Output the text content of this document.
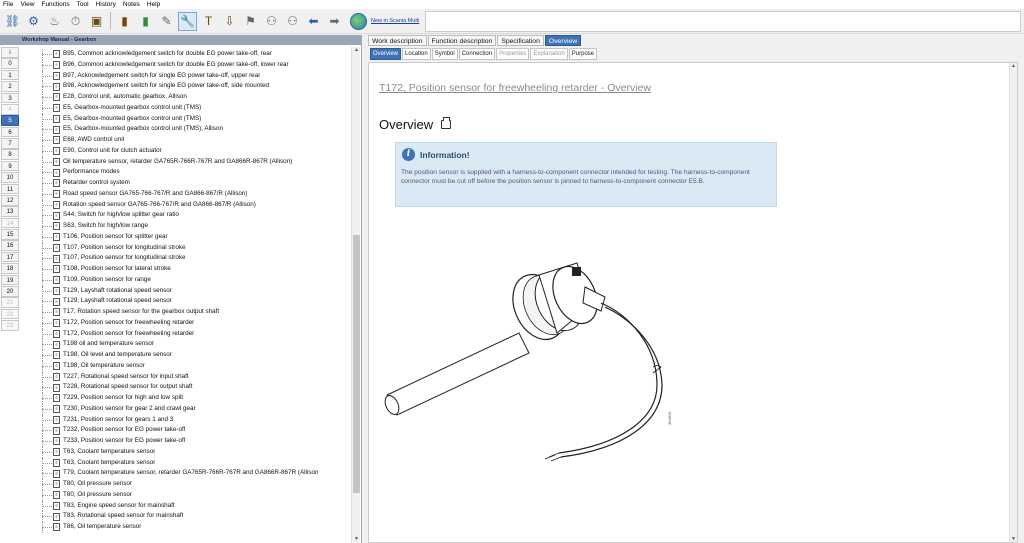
File View Functions Tool History Notes Help
⛓ ⚙ ♨ ⏱ ▣	▮	▮	✎ 🔧 T	⇩ ⚑ ⚇ ⚇ ⬅ ➡	New in Scania Multi
Workshop Manual - Gearbox
i
0
1
2
3
4
5
6
7
8
9
10
11
12
13
14
15
16
17
18
19
20
21
22
23
≡ B95, Common acknowledgement switch for double EG power take-off, rear
≡ B96, Common acknowledgement switch for double EG power take-off, lower rear
≡ B97, Acknowledgement switch for single EG power take-off, upper rear
≡ B98, Acknowledgement switch for single EG power take-off, side mounted
≡ E28, Control unit, automatic gearbox, Allison
≡ E5, Gearbox-mounted gearbox control unit (TMS)
≡ E5, Gearbox-mounted gearbox control unit (TMS)
≡ E5, Gearbox-mounted gearbox control unit (TMS), Allison
≡ E68, AWD control unit
≡ E90, Control unit for clutch actuator
≡ Oil temperature sensor, retarder GA765R-766R-767R and GA866R-867R (Allison)
≡ Performance modes
≡ Retarder control system
≡ Road speed sensor GA765-766-767/R and GA866-867/R (Allison)
≡ Rotation speed sensor GA765-766-767/R and GA866-867/R (Allison)
≡ S44, Switch for high/low splitter gear ratio
≡ S63, Switch for high/low range
≡ T106, Position sensor for splitter gear
≡ T107, Position sensor for longitudinal stroke
≡ T107, Position sensor for longitudinal stroke
≡ T108, Position sensor for lateral stroke
≡ T109, Position sensor for range
≡ T129, Layshaft rotational speed sensor
≡ T129, Layshaft rotational speed sensor
≡ T17, Rotation speed sensor for the gearbox output shaft
≡ T172, Position sensor for freewheeling retarder
≡ T172, Position sensor for freewheeling retarder
≡ T198 oil and temperature sensor
≡ T198, Oil level and temperature sensor
≡ T198, Oil temperature sensor
≡ T227, Rotational speed sensor for input shaft
≡ T228, Rotational speed sensor for output shaft
≡ T229, Position sensor for high and low split
≡ T230, Position sensor for gear 2 and crawl gear
≡ T231, Position sensor for gears 1 and 3
≡ T232, Position sensor for EG power take-off
≡ T233, Position sensor for EG power take-off
≡ T63, Coolant temperature sensor
≡ T63, Coolant temperature sensor
≡ T79, Coolant temperature sensor, retarder GA765R-766R-767R and GA866R-867R (Allison
≡ T80, Oil pressure sensor
≡ T80, Oil pressure sensor
≡ T83, Engine speed sensor for mainshaft
≡ T83, Rotational speed sensor for mainshaft
≡ T86, Oil temperature sensor
▲
▼
Work description	Function description	Specification	Overview
Overview	Location	Symbol	Connection	Properties	Explanation	Purpose
T172, Position sensor for freewheeling retarder - Overview
Overview
i	Information!
The position sensor is supplied with a harness-to-component connector intended for testing. The harness-to-component connector must be cut off before the position sensor is pinned to harness-to-component connector E5.B.
354819
▲
▼
